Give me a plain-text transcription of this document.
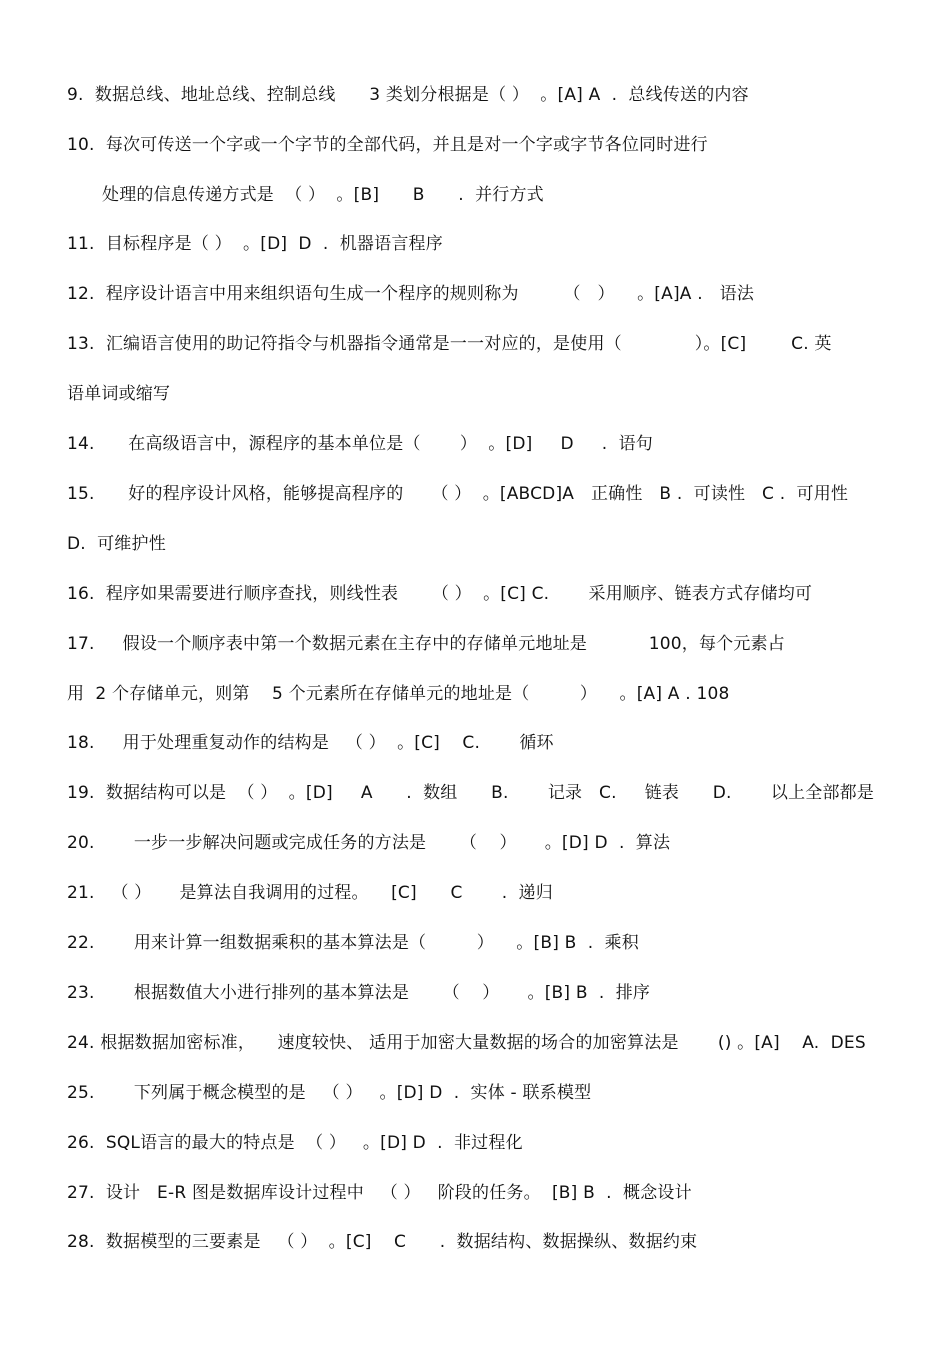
9.  数据总线、地址总线、控制总线      3 类划分根据是（ ）  。[A] A  .  总线传送的内容
10.  每次可传送一个字或一个字节的全部代码，并且是对一个字或字节各位同时进行
处理的信息传递方式是  （ ）  。[B]      B      .  并行方式
11.  目标程序是（ ）  。[D]  D  .  机器语言程序
12.  程序设计语言中用来组织语句生成一个程序的规则称为        （   ）    。[A]A .   语法
13.  汇编语言使用的助记符指令与机器指令通常是一一对应的，是使用（             ）。[C]        C. 英
语单词或缩写
14.      在高级语言中，源程序的基本单位是（       ）  。[D]     D     .  语句
15.      好的程序设计风格，能够提高程序的     （ ）  。[ABCD]A   正确性   B .  可读性   C .  可用性
D.  可维护性
16.  程序如果需要进行顺序查找，则线性表      （ ）  。[C] C.       采用顺序、链表方式存储均可
17.     假设一个顺序表中第一个数据元素在主存中的存储单元地址是           100，每个元素占
用  2 个存储单元，则第    5 个元素所在存储单元的地址是（         ）    。[A] A . 108
18.     用于处理重复动作的结构是   （ ）  。[C]    C.       循环
19.  数据结构可以是  （ ）  。[D]     A      .  数组      B.       记录   C.     链表      D.       以上全部都是
20.       一步一步解决问题或完成任务的方法是      （    ）     。[D] D  .  算法
21.   （ ）     是算法自我调用的过程。    [C]      C       .  递归
22.       用来计算一组数据乘积的基本算法是（         ）    。[B] B  .  乘积
23.       根据数值大小进行排列的基本算法是      （    ）     。[B] B  .  排序
24. 根据数据加密标准，    速度较快、 适用于加密大量数据的场合的加密算法是       () 。[A]    A.  DES
25.       下列属于概念模型的是   （ ）   。[D] D  .  实体 - 联系模型
26.  SQL语言的最大的特点是  （ ）   。[D] D  .  非过程化
27.  设计   E-R 图是数据库设计过程中   （ ）   阶段的任务。  [B] B  .  概念设计
28.  数据模型的三要素是   （ ）  。[C]    C      .  数据结构、数据操纵、数据约束
